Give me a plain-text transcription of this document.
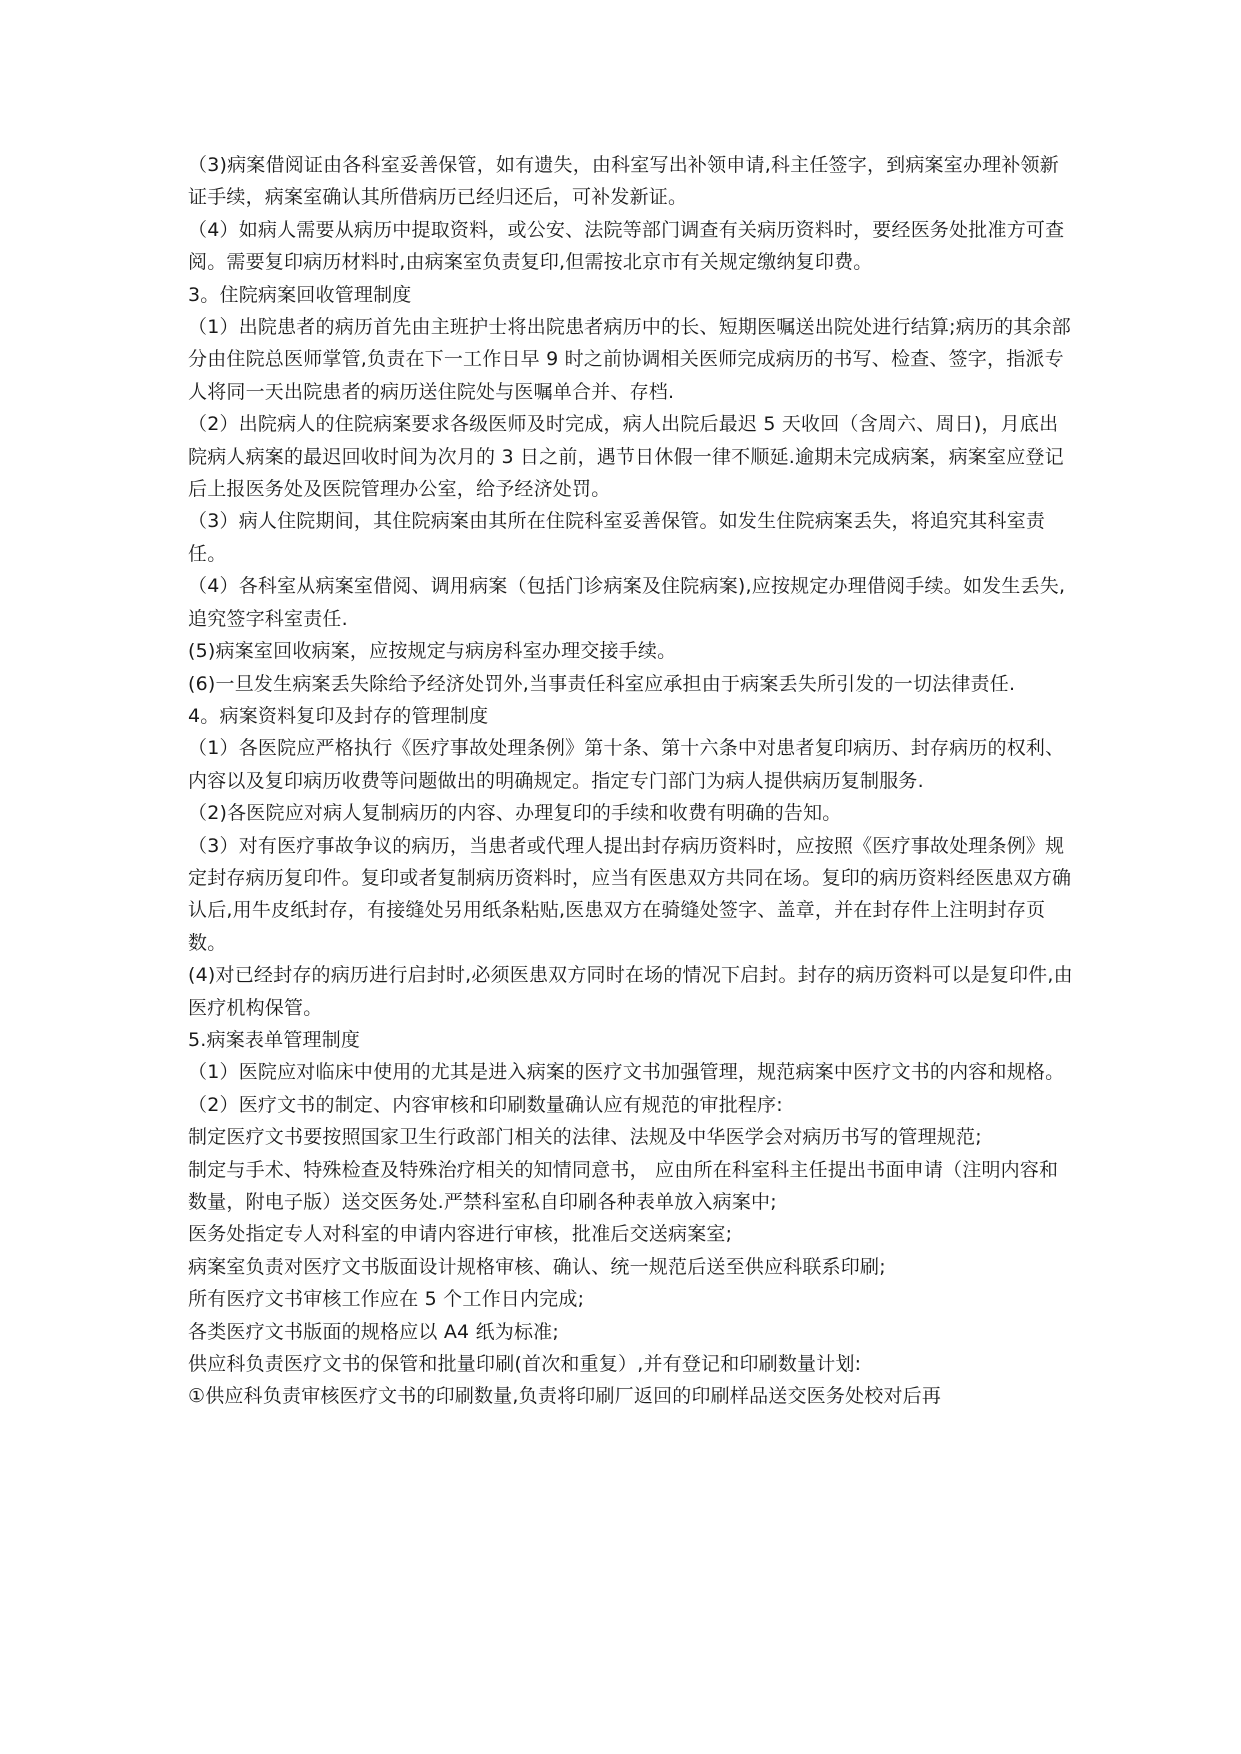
（3)病案借阅证由各科室妥善保管，如有遗失，由科室写出补领申请,科主任签字，到病案室办理补领新证手续，病案室确认其所借病历已经归还后，可补发新证。

（4）如病人需要从病历中提取资料，或公安、法院等部门调查有关病历资料时，要经医务处批准方可查阅。需要复印病历材料时,由病案室负责复印,但需按北京市有关规定缴纳复印费。

3。住院病案回收管理制度

（1）出院患者的病历首先由主班护士将出院患者病历中的长、短期医嘱送出院处进行结算;病历的其余部分由住院总医师掌管,负责在下一工作日早 9 时之前协调相关医师完成病历的书写、检查、签字，指派专人将同一天出院患者的病历送住院处与医嘱单合并、存档.

（2）出院病人的住院病案要求各级医师及时完成，病人出院后最迟 5 天收回（含周六、周日)，月底出院病人病案的最迟回收时间为次月的 3 日之前，遇节日休假一律不顺延.逾期未完成病案，病案室应登记后上报医务处及医院管理办公室，给予经济处罚。

（3）病人住院期间，其住院病案由其所在住院科室妥善保管。如发生住院病案丢失，将追究其科室责任。

（4）各科室从病案室借阅、调用病案（包括门诊病案及住院病案),应按规定办理借阅手续。如发生丢失,追究签字科室责任.

(5)病案室回收病案，应按规定与病房科室办理交接手续。

(6)一旦发生病案丢失除给予经济处罚外,当事责任科室应承担由于病案丢失所引发的一切法律责任.

4。病案资料复印及封存的管理制度

（1）各医院应严格执行《医疗事故处理条例》第十条、第十六条中对患者复印病历、封存病历的权利、内容以及复印病历收费等问题做出的明确规定。指定专门部门为病人提供病历复制服务.

（2)各医院应对病人复制病历的内容、办理复印的手续和收费有明确的告知。

（3）对有医疗事故争议的病历，当患者或代理人提出封存病历资料时，应按照《医疗事故处理条例》规定封存病历复印件。复印或者复制病历资料时，应当有医患双方共同在场。复印的病历资料经医患双方确认后,用牛皮纸封存，有接缝处另用纸条粘贴,医患双方在骑缝处签字、盖章，并在封存件上注明封存页数。

(4)对已经封存的病历进行启封时,必须医患双方同时在场的情况下启封。封存的病历资料可以是复印件,由医疗机构保管。

5.病案表单管理制度

（1）医院应对临床中使用的尤其是进入病案的医疗文书加强管理，规范病案中医疗文书的内容和规格。

（2）医疗文书的制定、内容审核和印刷数量确认应有规范的审批程序:

制定医疗文书要按照国家卫生行政部门相关的法律、法规及中华医学会对病历书写的管理规范;

制定与手术、特殊检查及特殊治疗相关的知情同意书， 应由所在科室科主任提出书面申请（注明内容和数量，附电子版）送交医务处.严禁科室私自印刷各种表单放入病案中;

医务处指定专人对科室的申请内容进行审核，批准后交送病案室;

病案室负责对医疗文书版面设计规格审核、确认、统一规范后送至供应科联系印刷;

所有医疗文书审核工作应在 5 个工作日内完成;

各类医疗文书版面的规格应以 A4 纸为标准;

供应科负责医疗文书的保管和批量印刷(首次和重复）,并有登记和印刷数量计划:

①供应科负责审核医疗文书的印刷数量,负责将印刷厂返回的印刷样品送交医务处校对后再
